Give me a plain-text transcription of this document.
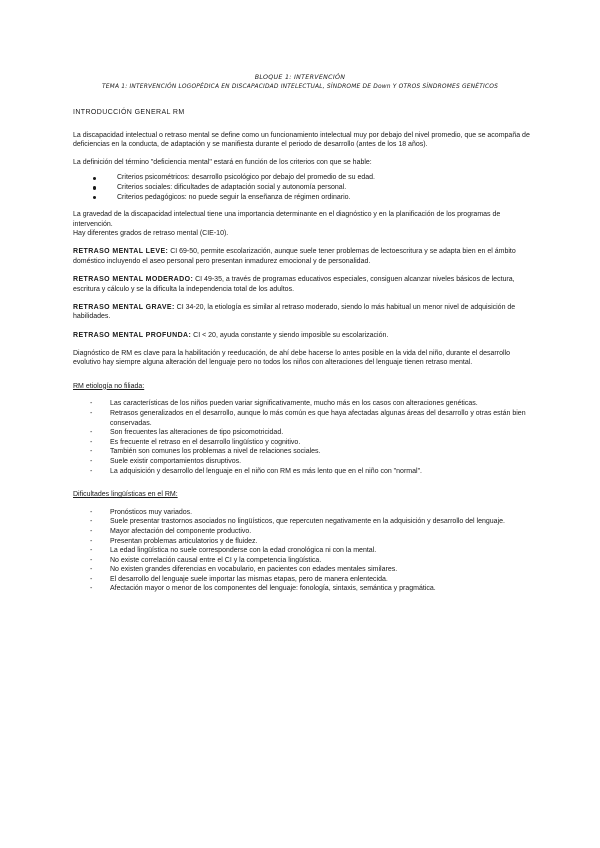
BLOQUE 1: INTERVENCIÓN
TEMA 1: INTERVENCIÓN LOGOPÉDICA EN DISCAPACIDAD INTELECTUAL, SÍNDROME DE Down Y OTROS SÍNDROMES GENÉTICOS
INTRODUCCIÓN GENERAL RM

La discapacidad intelectual o retraso mental se define como un funcionamiento intelectual muy por debajo del nivel promedio, que se acompaña de deficiencias en la conducta, de adaptación y se manifiesta durante el periodo de desarrollo (antes de los 18 años).

La definición del término "deficiencia mental" estará en función de los criterios con que se hable:

Criterios psicométricos: desarrollo psicológico por debajo del promedio de su edad.
Criterios sociales: dificultades de adaptación social y autonomía personal.
Criterios pedagógicos: no puede seguir la enseñanza de régimen ordinario.
La gravedad de la discapacidad intelectual tiene una importancia determinante en el diagnóstico y en la planificación de los programas de intervención.
Hay diferentes grados de retraso mental (CIE-10).

RETRASO MENTAL LEVE: CI 69-50, permite escolarización, aunque suele tener problemas de lectoescritura y se adapta bien en el ámbito doméstico incluyendo el aseo personal pero presentan inmadurez emocional y de personalidad.

RETRASO MENTAL MODERADO: CI 49-35, a través de programas educativos especiales, consiguen alcanzar niveles básicos de lectura, escritura y cálculo y se la dificulta la independencia total de los adultos.

RETRASO MENTAL GRAVE: CI 34-20, la etiología es similar al retraso moderado, siendo lo más habitual un menor nivel de adquisición de habilidades.

RETRASO MENTAL PROFUNDA: CI < 20, ayuda constante y siendo imposible su escolarización.

Diagnóstico de RM es clave para la habilitación y reeducación, de ahí debe hacerse lo antes posible en la vida del niño, durante el desarrollo evolutivo hay siempre alguna alteración del lenguaje pero no todos los niños con alteraciones del lenguaje tienen retraso mental.

RM etiología no filiada:
-	Las características de los niños pueden variar significativamente, mucho más en los casos con alteraciones genéticas.
-	Retrasos generalizados en el desarrollo, aunque lo más común es que haya afectadas algunas áreas del desarrollo y otras están bien conservadas.
-	Son frecuentes las alteraciones de tipo psicomotricidad.
-	Es frecuente el retraso en el desarrollo lingüístico y cognitivo.
-	También son comunes los problemas a nivel de relaciones sociales.
-	Suele existir comportamientos disruptivos.
-	La adquisición y desarrollo del lenguaje en el niño con RM es más lento que en el niño con "normal".
Dificultades lingüísticas en el RM:
-	Pronósticos muy variados.
-	Suele presentar trastornos asociados no lingüísticos, que repercuten negativamente en la adquisición y desarrollo del lenguaje.
-	Mayor afectación del componente productivo.
-	Presentan problemas articulatorios y de fluidez.
-	La edad lingüística no suele corresponderse con la edad cronológica ni con la mental.
-	No existe correlación causal entre el CI y la competencia lingüística.
-	No existen grandes diferencias en vocabulario, en pacientes con edades mentales similares.
-	El desarrollo del lenguaje suele importar las mismas etapas, pero de manera enlentecida.
-	Afectación mayor o menor de los componentes del lenguaje: fonología, sintaxis, semántica y pragmática.
